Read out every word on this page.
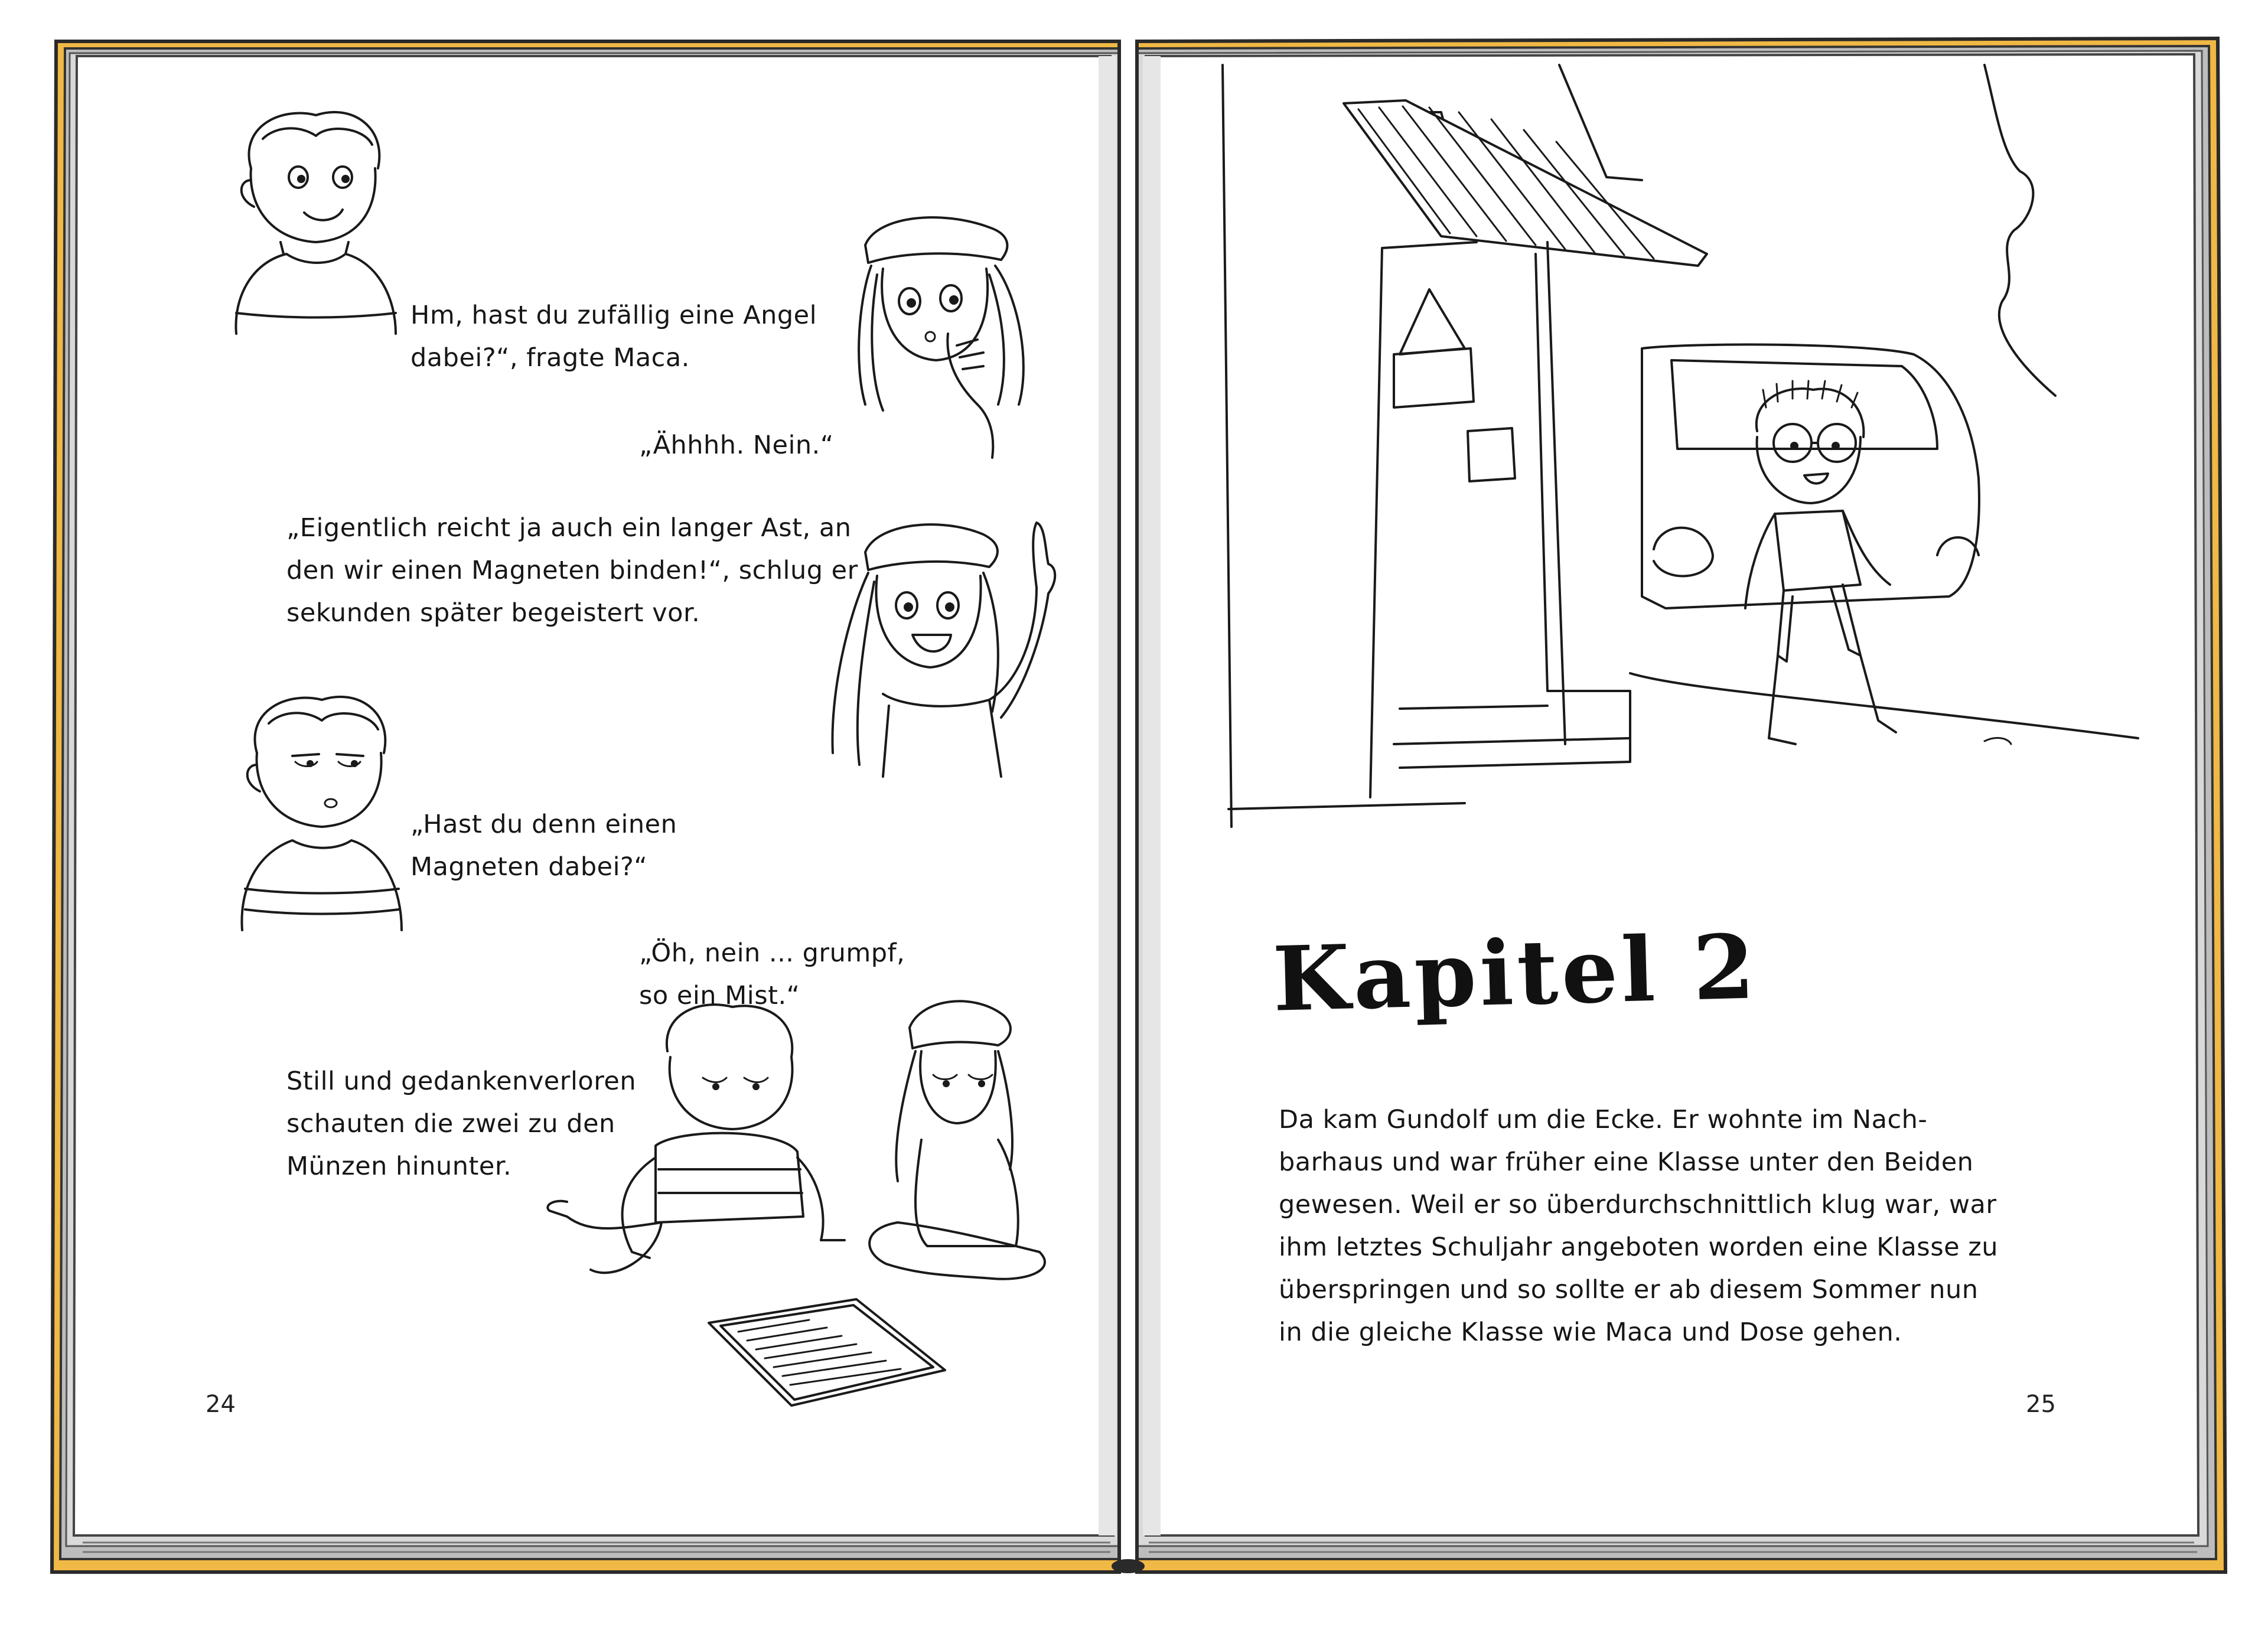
Hm, hast du zufällig eine Angel
dabei?“, fragte Maca.
„Ähhhh. Nein.“
„Eigentlich reicht ja auch ein langer Ast, an
den wir einen Magneten binden!“, schlug er
sekunden später begeistert vor.
„Hast du denn einen
Magneten dabei?“
„Öh, nein ... grumpf,
so ein Mist.“
Still und gedankenverloren
schauten die zwei zu den
Münzen hinunter.
24
Kapitel 2
Da kam Gundolf um die Ecke. Er wohnte im Nach-
barhaus und war früher eine Klasse unter den Beiden
gewesen. Weil er so überdurchschnittlich klug war, war
ihm letztes Schuljahr angeboten worden eine Klasse zu
überspringen und so sollte er ab diesem Sommer nun
in die gleiche Klasse wie Maca und Dose gehen.
25
